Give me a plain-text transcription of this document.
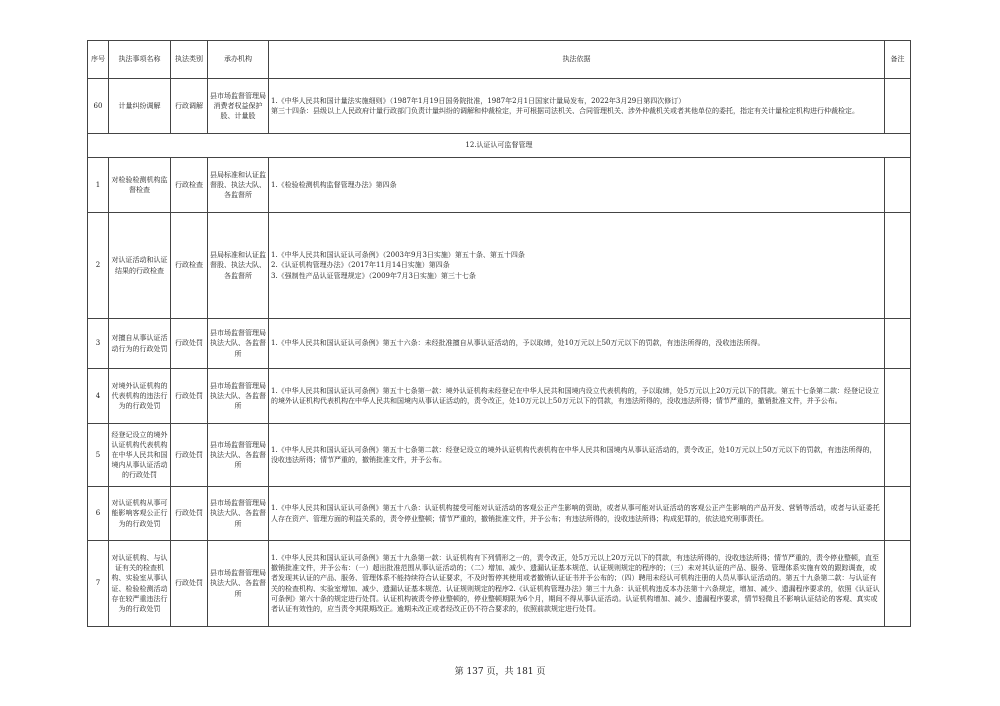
序号	执法事项名称	执法类别	承办机构	执法依据	备注
60	计量纠纷调解	行政调解	县市场监督管理局消费者权益保护股、计量股	1.《中华人民共和国计量法实施细则》（1987年1月19日国务院批准，1987年2月1日国家计量局发布，2022年3月29日第四次修订）
第三十四条：县级以上人民政府计量行政部门负责计量纠纷的调解和仲裁检定，并可根据司法机关、合同管理机关、涉外仲裁机关或者其他单位的委托，指定有关计量检定机构进行仲裁检定。	

12.认证认可监督管理					
1	对检验检测机构监督检查	行政检查	县局标准和认证监督股、执法大队、各监督所	1.《检验检测机构监督管理办法》第四条	

2	对认证活动和认证结果的行政检查	行政检查	县局标准和认证监督股、执法大队、各监督所	1.《中华人民共和国认证认可条例》（2003年9月3日实施）第五十条、第五十四条
2.《认证机构管理办法》（2017年11月14日实施）第四条
3.《强制性产品认证管理规定》（2009年7月3日实施）第三十七条	

3	对擅自从事认证活动行为的行政处罚	行政处罚	县市场监督管理局执法大队、各监督所	1.《中华人民共和国认证认可条例》第五十六条：未经批准擅自从事认证活动的，予以取缔，处10万元以上50万元以下的罚款，有违法所得的，没收违法所得。	

4	对境外认证机构的代表机构的违法行为的行政处罚	行政处罚	县市场监督管理局执法大队、各监督所	1.《中华人民共和国认证认可条例》第五十七条第一款：境外认证机构未经登记在中华人民共和国境内设立代表机构的，予以取缔，处5万元以上20万元以下的罚款。第五十七条第二款：经登记设立的境外认证机构代表机构在中华人民共和国境内从事认证活动的，责令改正，处10万元以上50万元以下的罚款，有违法所得的，没收违法所得；情节严重的，撤销批准文件，并予公布。	

5	经登记设立的境外认证机构代表机构在中华人民共和国境内从事认证活动的行政处罚	行政处罚	县市场监督管理局执法大队、各监督所	1.《中华人民共和国认证认可条例》第五十七条第二款：经登记设立的境外认证机构代表机构在中华人民共和国境内从事认证活动的，责令改正，处10万元以上50万元以下的罚款，有违法所得的，没收违法所得；情节严重的，撤销批准文件，并予公布。	

6	对认证机构从事可能影响客观公正行为的行政处罚	行政处罚	县市场监督管理局执法大队、各监督所	1.《中华人民共和国认证认可条例》第五十八条：认证机构接受可能对认证活动的客观公正产生影响的资助，或者从事可能对认证活动的客观公正产生影响的产品开发、营销等活动，或者与认证委托人存在资产、管理方面的利益关系的，责令停业整顿；情节严重的，撤销批准文件，并予公布；有违法所得的，没收违法所得；构成犯罪的，依法追究刑事责任。	

7	对认证机构、与认证有关的检查机构、实验室从事认证、检验检测活动存在较严重违法行为的行政处罚	行政处罚	县市场监督管理局执法大队、各监督所	1.《中华人民共和国认证认可条例》第五十九条第一款：认证机构有下列情形之一的，责令改正，处5万元以上20万元以下的罚款，有违法所得的，没收违法所得；情节严重的，责令停业整顿，直至撤销批准文件，并予公布：（一）超出批准范围从事认证活动的；（二）增加、减少、遗漏认证基本规范、认证规则规定的程序的；（三）未对其认证的产品、服务、管理体系实施有效的跟踪调查，或者发现其认证的产品、服务、管理体系不能持续符合认证要求，不及时暂停其使用或者撤销认证证书并予公布的；（四）聘用未经认可机构注册的人员从事认证活动的。第五十九条第二款：与认证有关的检查机构、实验室增加、减少、遗漏认证基本规范、认证规则规定的程序2.《认证机构管理办法》第三十九条：认证机构违反本办法第十六条规定，增加、减少、遗漏程序要求的，依照《认证认可条例》第六十条的规定进行处罚。认证机构被责令停业整顿的，停业整顿期限为6个月，期间不得从事认证活动。认证机构增加、减少、遗漏程序要求，情节轻微且不影响认证结论的客观、真实或者认证有效性的，应当责令其限期改正。逾期未改正或者经改正仍不符合要求的，依照前款规定进行处罚。	

第 137 页，共 181 页
